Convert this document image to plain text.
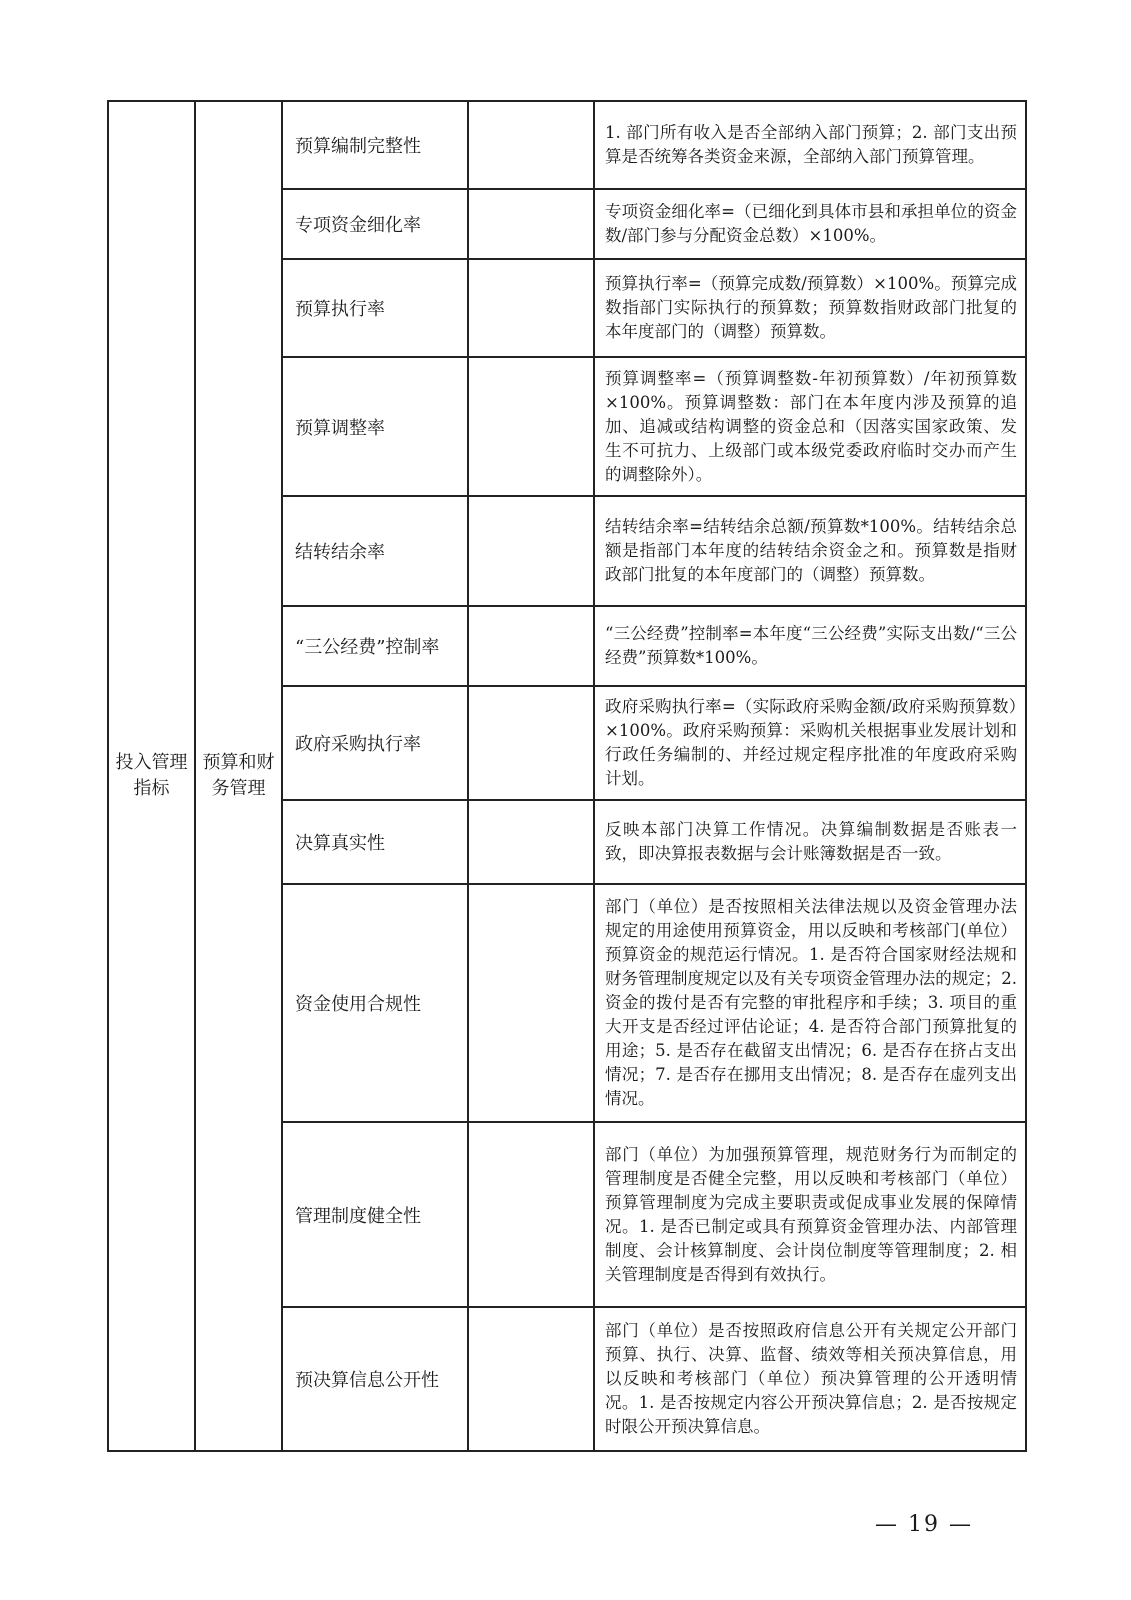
投入管理指标	预算和财务管理	预算编制完整性		1. 部门所有收入是否全部纳入部门预算；2. 部门支出预算是否统筹各类资金来源，全部纳入部门预算管理。

		专项资金细化率		专项资金细化率=（已细化到具体市县和承担单位的资金数/部门参与分配资金总数）×100%。

		预算执行率		预算执行率=（预算完成数/预算数）×100%。预算完成数指部门实际执行的预算数；预算数指财政部门批复的本年度部门的（调整）预算数。

		预算调整率		预算调整率=（预算调整数-年初预算数）/年初预算数×100%。预算调整数：部门在本年度内涉及预算的追加、追减或结构调整的资金总和（因落实国家政策、发生不可抗力、上级部门或本级党委政府临时交办而产生的调整除外）。

		结转结余率		结转结余率=结转结余总额/预算数*100%。结转结余总额是指部门本年度的结转结余资金之和。预算数是指财政部门批复的本年度部门的（调整）预算数。

		“三公经费”控制率		“三公经费”控制率=本年度“三公经费”实际支出数/“三公经费”预算数*100%。

		政府采购执行率		政府采购执行率=（实际政府采购金额/政府采购预算数）×100%。政府采购预算：采购机关根据事业发展计划和行政任务编制的、并经过规定程序批准的年度政府采购计划。

		决算真实性		反映本部门决算工作情况。决算编制数据是否账表一致，即决算报表数据与会计账簿数据是否一致。

		资金使用合规性		部门（单位）是否按照相关法律法规以及资金管理办法规定的用途使用预算资金，用以反映和考核部门(单位）预算资金的规范运行情况。1. 是否符合国家财经法规和财务管理制度规定以及有关专项资金管理办法的规定；2. 资金的拨付是否有完整的审批程序和手续；3. 项目的重大开支是否经过评估论证；4. 是否符合部门预算批复的用途；5. 是否存在截留支出情况；6. 是否存在挤占支出情况；7. 是否存在挪用支出情况；8. 是否存在虚列支出情况。

		管理制度健全性		部门（单位）为加强预算管理，规范财务行为而制定的管理制度是否健全完整，用以反映和考核部门（单位）预算管理制度为完成主要职责或促成事业发展的保障情况。1. 是否已制定或具有预算资金管理办法、内部管理制度、会计核算制度、会计岗位制度等管理制度；2. 相关管理制度是否得到有效执行。

		预决算信息公开性		部门（单位）是否按照政府信息公开有关规定公开部门预算、执行、决算、监督、绩效等相关预决算信息，用以反映和考核部门（单位）预决算管理的公开透明情况。1. 是否按规定内容公开预决算信息；2. 是否按规定时限公开预决算信息。
— 19 —
